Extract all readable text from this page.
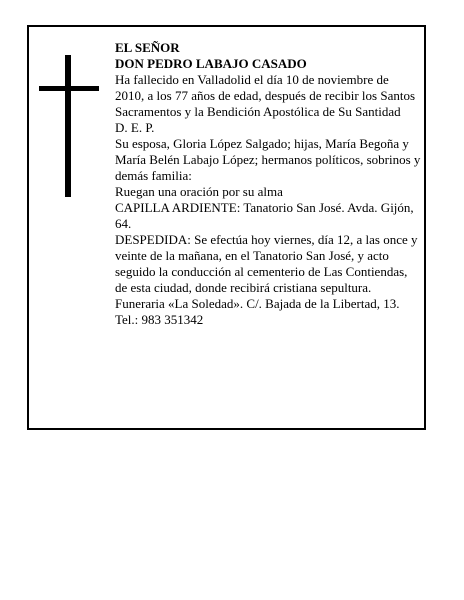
EL SEÑOR

DON PEDRO LABAJO CASADO

Ha fallecido en Valladolid el día 10 de noviembre de 2010, a los 77 años de edad, después de recibir los Santos Sacramentos y la Bendición Apostólica de Su Santidad

D. E. P.

Su esposa, Gloria López Salgado; hijas, María Begoña y María Belén Labajo López; hermanos políticos, sobrinos y demás familia:

Ruegan una oración por su alma

CAPILLA ARDIENTE: Tanatorio San José. Avda. Gijón, 64.

DESPEDIDA: Se efectúa hoy viernes, día 12, a las once y veinte de la mañana, en el Tanatorio San José, y acto seguido la conducción al cementerio de Las Contiendas, de esta ciudad, donde recibirá cristiana sepultura.

Funeraria «La Soledad». C/. Bajada de la Libertad, 13. Tel.: 983 351342
